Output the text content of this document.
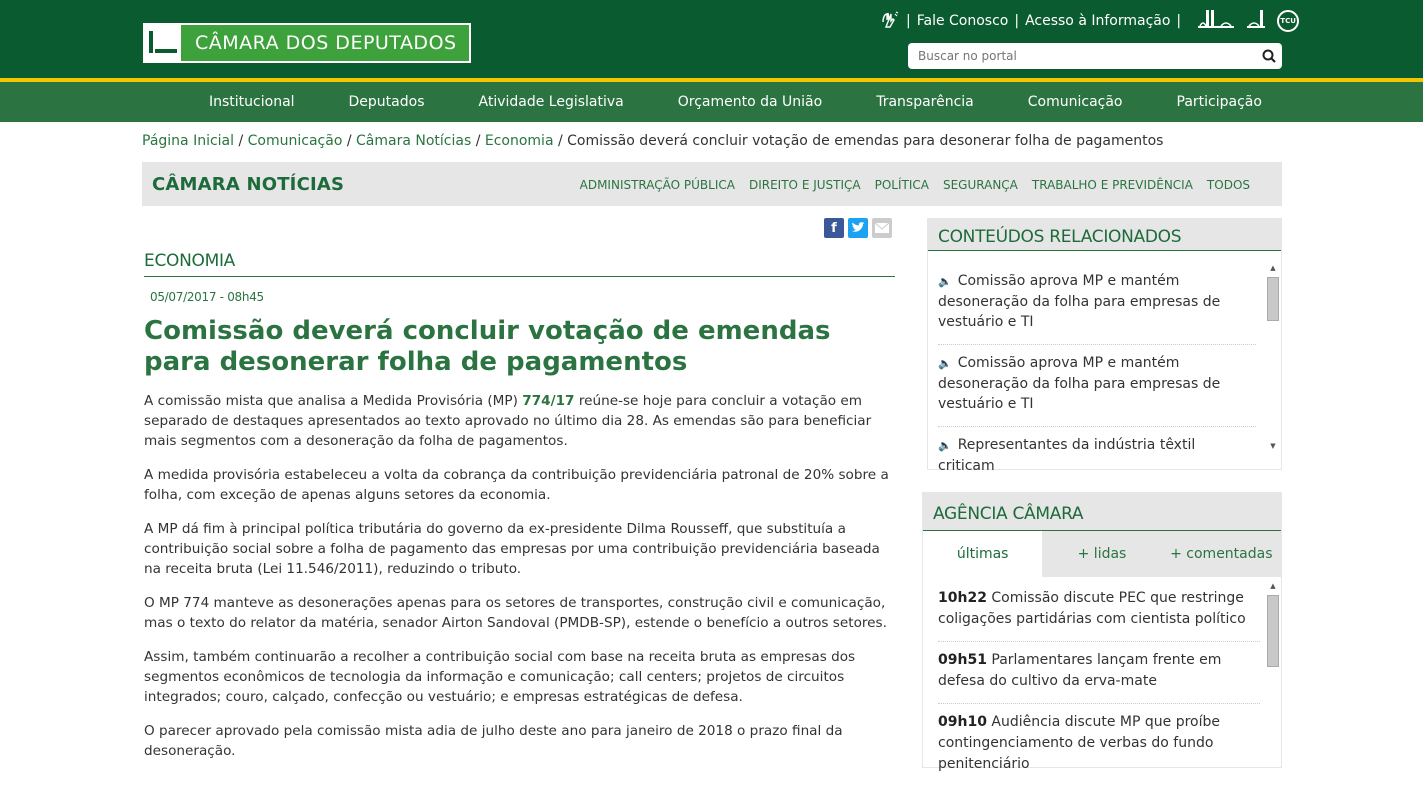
CÂMARA DOS DEPUTADOS
| Fale Conosco | Acesso à Informação |	TCU
Buscar no portal
Institucional	Deputados	Atividade Legislativa	Orçamento da União	Transparência	Comunicação	Participação
Página Inicial / Comunicação / Câmara Notícias / Economia / Comissão deverá concluir votação de emendas para desonerar folha de pagamentos
CÂMARA NOTÍCIAS	ADMINISTRAÇÃO PÚBLICA DIREITO E JUSTIÇA POLÍTICA SEGURANÇA TRABALHO E PREVIDÊNCIA TODOS
f
ECONOMIA
05/07/2017 - 08h45
Comissão deverá concluir votação de emendas para desonerar folha de pagamentos

A comissão mista que analisa a Medida Provisória (MP) 774/17 reúne-se hoje para concluir a votação em separado de destaques apresentados ao texto aprovado no último dia 28. As emendas são para beneficiar mais segmentos com a desoneração da folha de pagamentos.

A medida provisória estabeleceu a volta da cobrança da contribuição previdenciária patronal de 20% sobre a folha, com exceção de apenas alguns setores da economia.

A MP dá fim à principal política tributária do governo da ex-presidente Dilma Rousseff, que substituía a contribuição social sobre a folha de pagamento das empresas por uma contribuição previdenciária baseada na receita bruta (Lei 11.546/2011), reduzindo o tributo.

O MP 774 manteve as desonerações apenas para os setores de transportes, construção civil e comunicação, mas o texto do relator da matéria, senador Airton Sandoval (PMDB-SP), estende o benefício a outros setores.

Assim, também continuarão a recolher a contribuição social com base na receita bruta as empresas dos segmentos econômicos de tecnologia da informação e comunicação; call centers; projetos de circuitos integrados; couro, calçado, confecção ou vestuário; e empresas estratégicas de defesa.

O parecer aprovado pela comissão mista adia de julho deste ano para janeiro de 2018 o prazo final da desoneração.

CONTEÚDOS RELACIONADOS
🔈 Comissão aprova MP e mantém desoneração da folha para empresas de vestuário e TI
🔈 Comissão aprova MP e mantém desoneração da folha para empresas de vestuário e TI
🔈 Representantes da indústria têxtil criticam
▲
▼
AGÊNCIA CÂMARA
últimas	+ lidas	+ comentadas
10h22 Comissão discute PEC que restringe coligações partidárias com cientista político
09h51 Parlamentares lançam frente em defesa do cultivo da erva-mate
09h10 Audiência discute MP que proíbe contingenciamento de verbas do fundo penitenciário
▲
